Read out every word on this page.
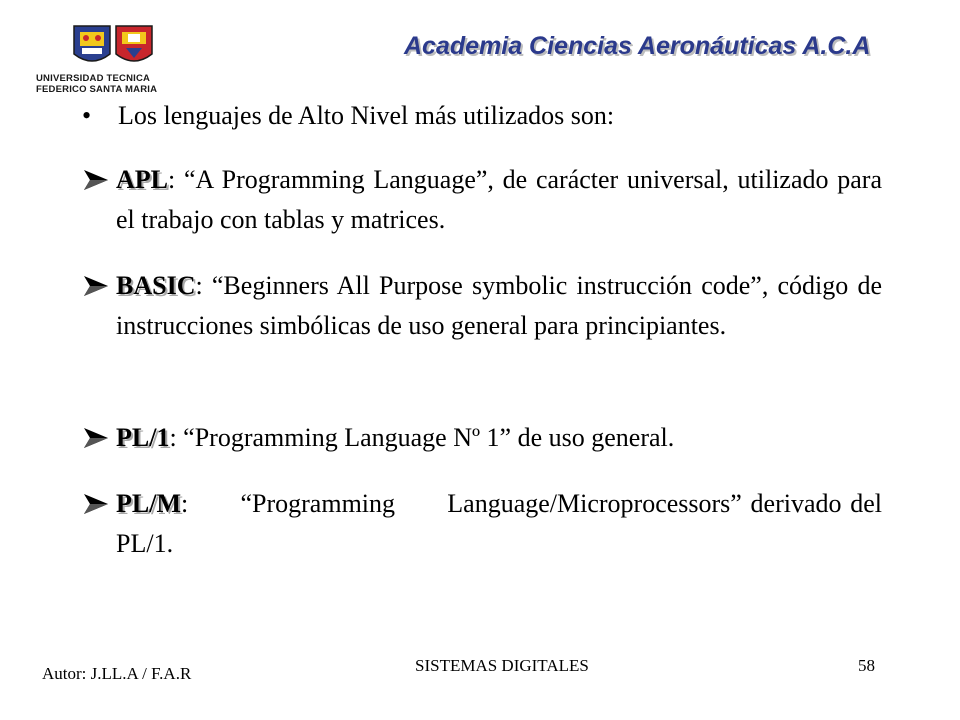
UNIVERSIDAD TECNICA
FEDERICO SANTA MARIA
Academia Ciencias Aeronáuticas A.C.A
• Los lenguajes de Alto Nivel más utilizados son:
APL: “A Programming Language”, de carácter universal, utilizado para el trabajo con tablas y matrices.
BASIC: “Beginners All Purpose symbolic instrucción code”, código de instrucciones simbólicas de uso general para principiantes.
PL/1: “Programming Language Nº 1” de uso general.
PL/M:      “Programming      Language/Microprocessors” derivado del PL/1.
Autor: J.LL.A / F.A.R	SISTEMAS DIGITALES	58
